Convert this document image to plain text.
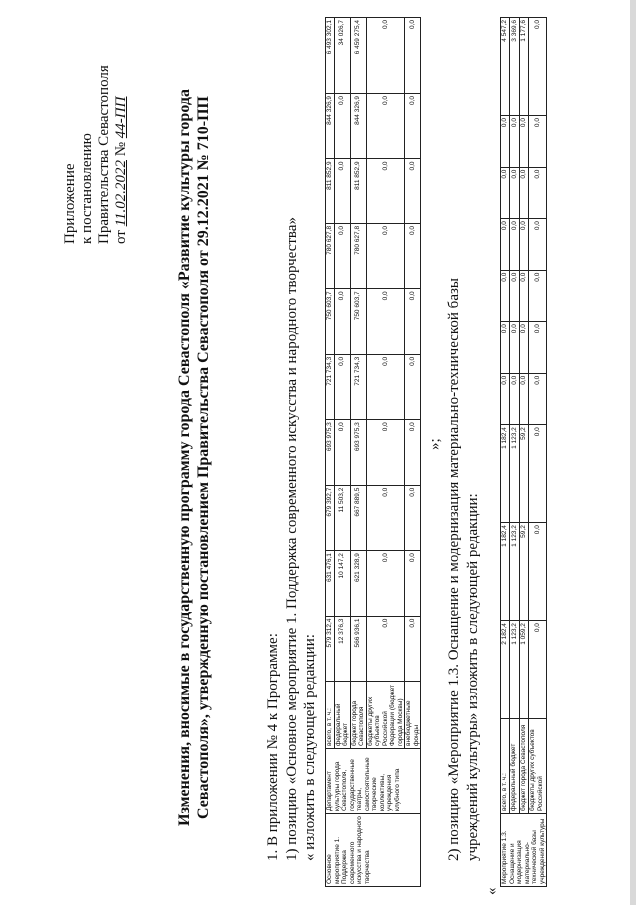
Приложение к постановлению Правительства Севастополя от 11.02.2022 № 44-ПП	Изменения, вносимые в государственную программу города Севастополя «Развитие культуры города Севастополя», утвержденную постановлением Правительства Севастополя от 29.12.2021 № 710-ПП	1. В приложении № 4 к Программе: 1) позицию «Основное мероприятие 1. Поддержка современного искусства и народного творчества» « изложить в следующей редакции:
Основное мероприятие 1. Поддержка современного искусства и народного творчества	Департамент культуры города Севастополя, государственные театры, самостоятельные творческие коллективы, учреждения клубного типа	всего, в т. ч.:	579 312,4	631 476,1	679 392,7	693 975,3	721 734,3	750 603,7	780 627,8	811 852,9	844 326,9	6 493 302,1
		федеральный бюджет	12 376,3	10 147,2	11 503,2	0,0	0,0	0,0	0,0	0,0	0,0	34 026,7
		бюджет города Севастополя	566 936,1	621 328,9	667 889,5	693 975,3	721 734,3	750 603,7	780 627,8	811 852,9	844 326,9	6 459 275,4
		бюджеты других субъектов Российской Федерации (бюджет города Москвы)	0,0	0,0	0,0	0,0	0,0	0,0	0,0	0,0	0,0	0,0
		внебюджетные фонды	0,0	0,0	0,0	0,0	0,0	0,0	0,0	0,0	0,0	0,0
»; 2) позицию «Мероприятие 1.3. Оснащение и модернизация материально-технической базы учреждений культуры» изложить в следующей редакции:
«
Мероприятие 1.3. Оснащение и модернизация материально-технической базы учреждений культуры	всего, в т. ч.:	2 182,4	1 182,4	1 182,4	0,0	0,0	0,0	0,0	0,0	0,0	4 547,2
	федеральный бюджет	1 123,2	1 123,2	1 123,2	0,0	0,0	0,0	0,0	0,0	0,0	3 369,6
	бюджет города Севастополя	1 059,2	59,2	59,2	0,0	0,0	0,0	0,0	0,0	0,0	1 177,6
	бюджеты других субъектов Российской	0,0	0,0	0,0	0,0	0,0	0,0	0,0	0,0	0,0	0,0
